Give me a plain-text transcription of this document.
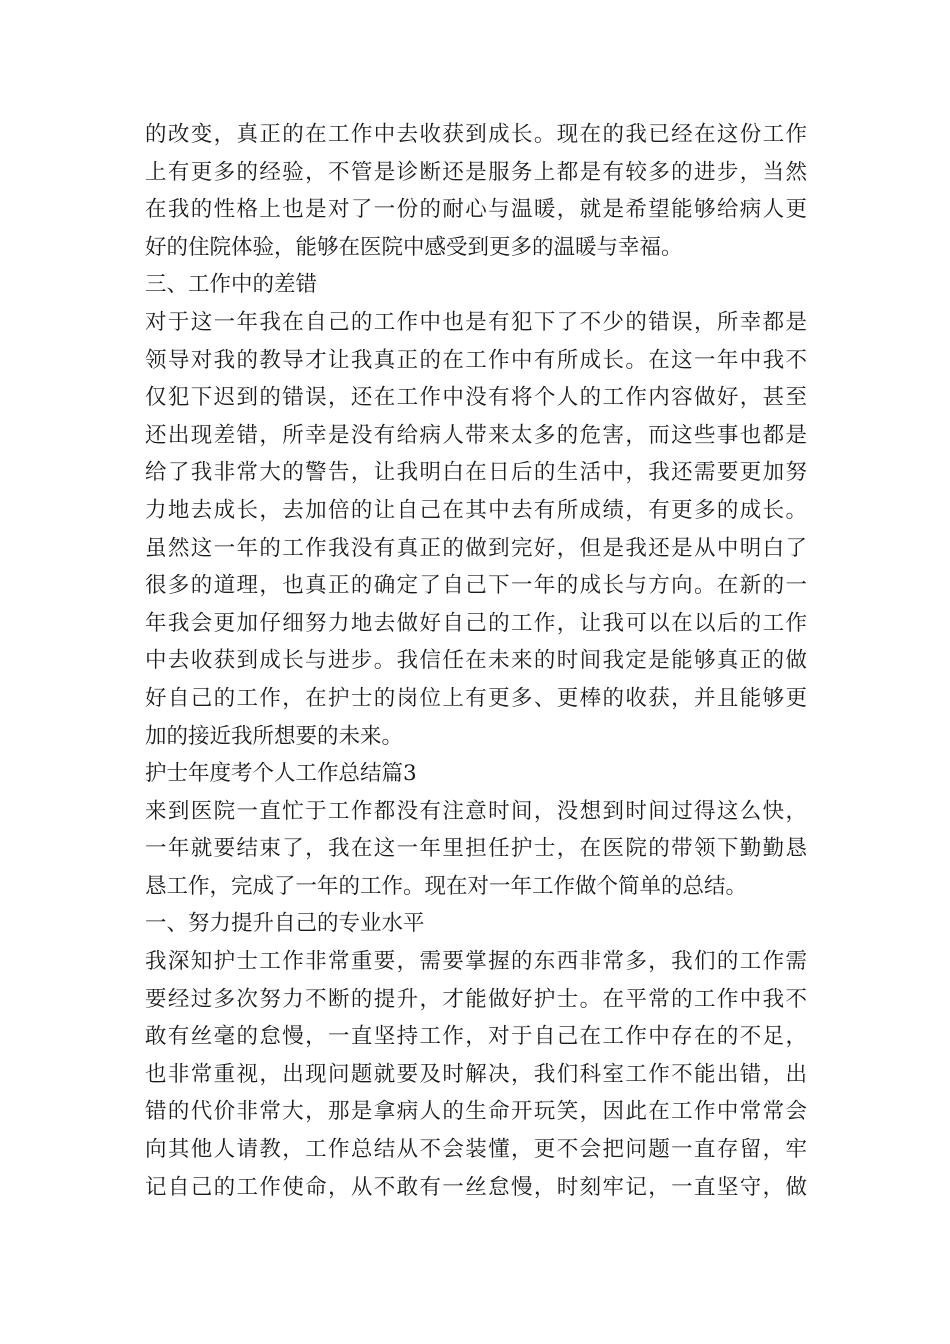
的改变，真正的在工作中去收获到成长。现在的我已经在这份工作
上有更多的经验，不管是诊断还是服务上都是有较多的进步，当然
在我的性格上也是对了一份的耐心与温暖，就是希望能够给病人更
好的住院体验，能够在医院中感受到更多的温暖与幸福。
三、工作中的差错
对于这一年我在自己的工作中也是有犯下了不少的错误，所幸都是
领导对我的教导才让我真正的在工作中有所成长。在这一年中我不
仅犯下迟到的错误，还在工作中没有将个人的工作内容做好，甚至
还出现差错，所幸是没有给病人带来太多的危害，而这些事也都是
给了我非常大的警告，让我明白在日后的生活中，我还需要更加努
力地去成长，去加倍的让自己在其中去有所成绩，有更多的成长。
虽然这一年的工作我没有真正的做到完好，但是我还是从中明白了
很多的道理，也真正的确定了自己下一年的成长与方向。在新的一
年我会更加仔细努力地去做好自己的工作，让我可以在以后的工作
中去收获到成长与进步。我信任在未来的时间我定是能够真正的做
好自己的工作，在护士的岗位上有更多、更棒的收获，并且能够更
加的接近我所想要的未来。
护士年度考个人工作总结篇3
来到医院一直忙于工作都没有注意时间，没想到时间过得这么快，
一年就要结束了，我在这一年里担任护士，在医院的带领下勤勤恳
恳工作，完成了一年的工作。现在对一年工作做个简单的总结。
一、努力提升自己的专业水平
我深知护士工作非常重要，需要掌握的东西非常多，我们的工作需
要经过多次努力不断的提升，才能做好护士。在平常的工作中我不
敢有丝毫的怠慢，一直坚持工作，对于自己在工作中存在的不足，
也非常重视，出现问题就要及时解决，我们科室工作不能出错，出
错的代价非常大，那是拿病人的生命开玩笑，因此在工作中常常会
向其他人请教，工作总结从不会装懂，更不会把问题一直存留，牢
记自己的工作使命，从不敢有一丝怠慢，时刻牢记，一直坚守，做
